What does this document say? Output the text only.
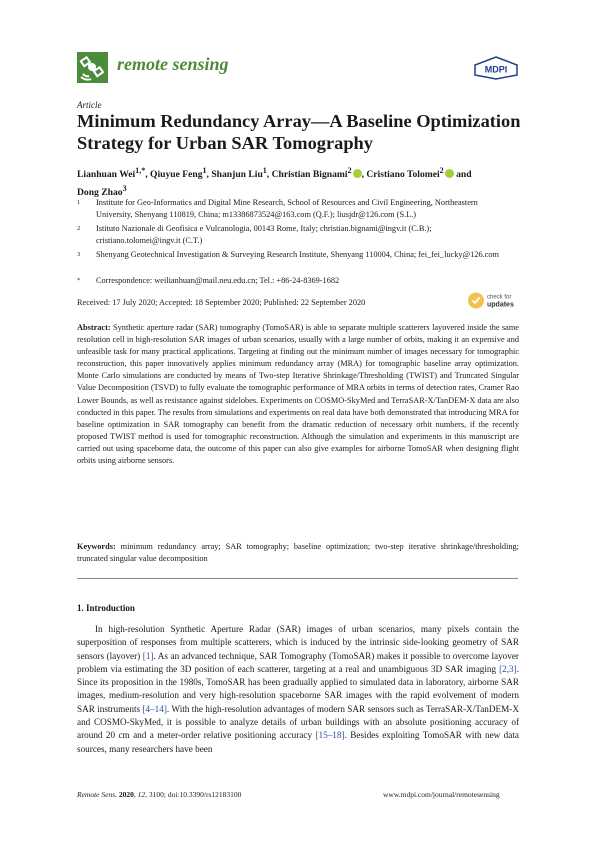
remote sensing	MDPI
Article
Minimum Redundancy Array—A Baseline Optimization Strategy for Urban SAR Tomography
Lianhuan Wei$^{1,*}$, Qiuyue Feng$^1$, Shanjun Liu$^1$, Christian Bignami$^2$ , Cristiano Tolomei$^2$ and
Dong Zhao$^3$
1 Institute for Geo-Informatics and Digital Mine Research, School of Resources and Civil Engineering, Northeastern University, Shenyang 110819, China; m13386873524@163.com (Q.F.); liusjdr@126.com (S.L.)
2 Istituto Nazionale di Geofisica e Vulcanologia, 00143 Rome, Italy; christian.bignami@ingv.it (C.B.); cristiano.tolomei@ingv.it (C.T.)
3 Shenyang Geotechnical Investigation & Surveying Research Institute, Shenyang 110004, China; fei_fei_lucky@126.com
* Correspondence: weilianhuan@mail.neu.edu.cn; Tel.: +86-24-8369-1682
Received: 17 July 2020; Accepted: 18 September 2020; Published: 22 September 2020
check for
updates
Abstract: Synthetic aperture radar (SAR) tomography (TomoSAR) is able to separate multiple scatterers layovered inside the same resolution cell in high-resolution SAR images of urban scenarios, usually with a large number of orbits, making it an expensive and unfeasible task for many practical applications. Targeting at finding out the minimum number of images necessary for tomographic reconstruction, this paper innovatively applies minimum redundancy array (MRA) for tomographic baseline array optimization. Monte Carlo simulations are conducted by means of Two-step Iterative Shrinkage/Thresholding (TWIST) and Truncated Singular Value Decomposition (TSVD) to fully evaluate the tomographic performance of MRA orbits in terms of detection rates, Cramer Rao Lower Bounds, as well as resistance against sidelobes. Experiments on COSMO-SkyMed and TerraSAR-X/TanDEM-X data are also conducted in this paper. The results from simulations and experiments on real data have both demonstrated that introducing MRA for baseline optimization in SAR tomography can benefit from the dramatic reduction of necessary orbit numbers, if the recently proposed TWIST method is used for tomographic reconstruction. Although the simulation and experiments in this manuscript are carried out using spaceborne data, the outcome of this paper can also give examples for airborne TomoSAR when designing flight orbits using airborne sensors.
Keywords: minimum redundancy array; SAR tomography; baseline optimization; two-step iterative shrinkage/thresholding; truncated singular value decomposition
1. Introduction
In high-resolution Synthetic Aperture Radar (SAR) images of urban scenarios, many pixels contain the superposition of responses from multiple scatterers, which is induced by the intrinsic side-looking geometry of SAR sensors (layover) [1]. As an advanced technique, SAR Tomography (TomoSAR) makes it possible to overcome layover problem via estimating the 3D position of each scatterer, targeting at a real and unambiguous 3D SAR imaging [2,3]. Since its proposition in the 1980s, TomoSAR has been gradually applied to simulated data in laboratory, airborne SAR images, medium-resolution and very high-resolution spaceborne SAR images with the rapid evolvement of modern SAR instruments [4–14]. With the high-resolution advantages of modern SAR sensors such as TerraSAR-X/TanDEM-X and COSMO-SkyMed, it is possible to analyze details of urban buildings with an absolute positioning accuracy of around 20 cm and a meter-order relative positioning accuracy [15–18]. Besides exploiting TomoSAR with new data sources, many researchers have been
Remote Sens. 2020, 12, 3100; doi:10.3390/rs12183100	www.mdpi.com/journal/remotesensing
